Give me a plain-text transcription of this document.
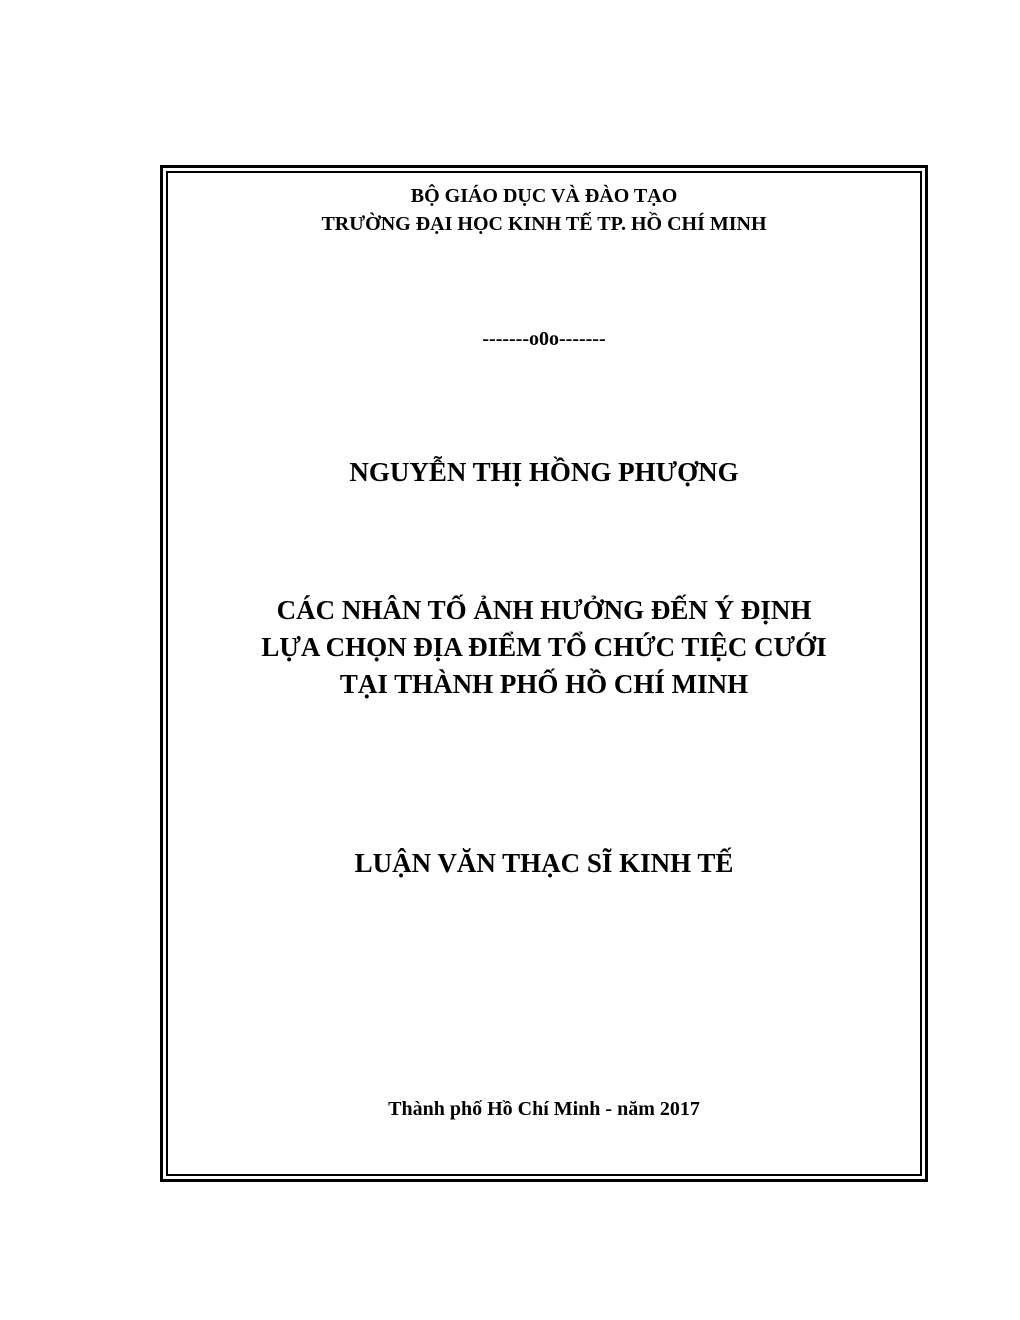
BỘ GIÁO DỤC VÀ ĐÀO TẠO

TRƯỜNG ĐẠI HỌC KINH TẾ TP. HỒ CHÍ MINH

-------o0o-------

NGUYỄN THỊ HỒNG PHƯỢNG

CÁC NHÂN TỐ ẢNH HƯỞNG ĐẾN Ý ĐỊNH
LỰA CHỌN ĐỊA ĐIỂM TỔ CHỨC TIỆC CƯỚI
TẠI THÀNH PHỐ HỒ CHÍ MINH

LUẬN VĂN THẠC SĨ KINH TẾ

Thành phố Hồ Chí Minh - năm 2017
